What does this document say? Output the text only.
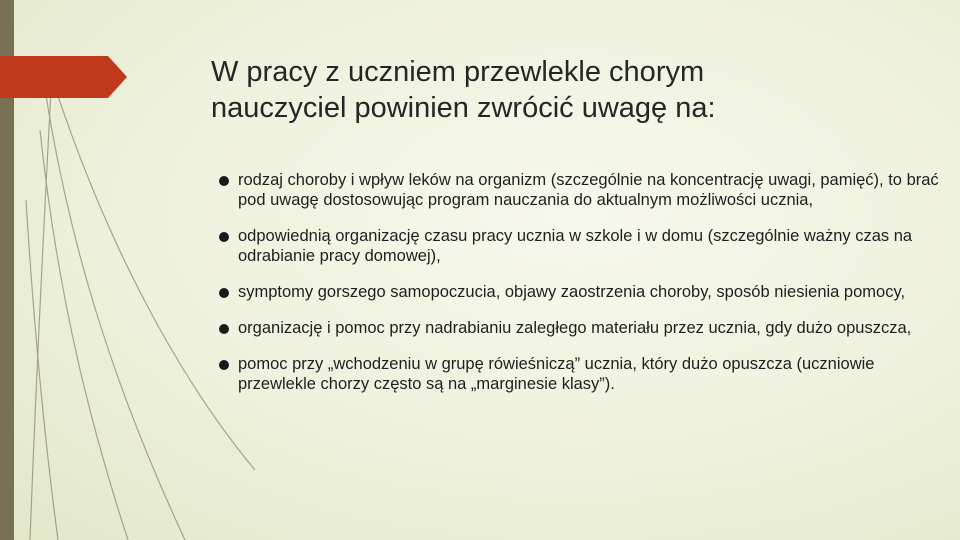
W pracy z uczniem przewlekle chorym
nauczyciel powinien zwrócić uwagę na:
rodzaj choroby i wpływ leków na organizm (szczególnie na koncentrację uwagi, pamięć), to brać pod uwagę dostosowując program nauczania do aktualnym możliwości ucznia,
odpowiednią organizację czasu pracy ucznia w szkole i w domu (szczególnie ważny czas na odrabianie pracy domowej),
symptomy gorszego samopoczucia, objawy zaostrzenia choroby, sposób niesienia pomocy,
organizację i pomoc przy nadrabianiu zaległego materiału przez ucznia, gdy dużo opuszcza,
pomoc przy „wchodzeniu w grupę rówieśniczą” ucznia, który dużo opuszcza (uczniowie przewlekle chorzy często są na „marginesie klasy”).
